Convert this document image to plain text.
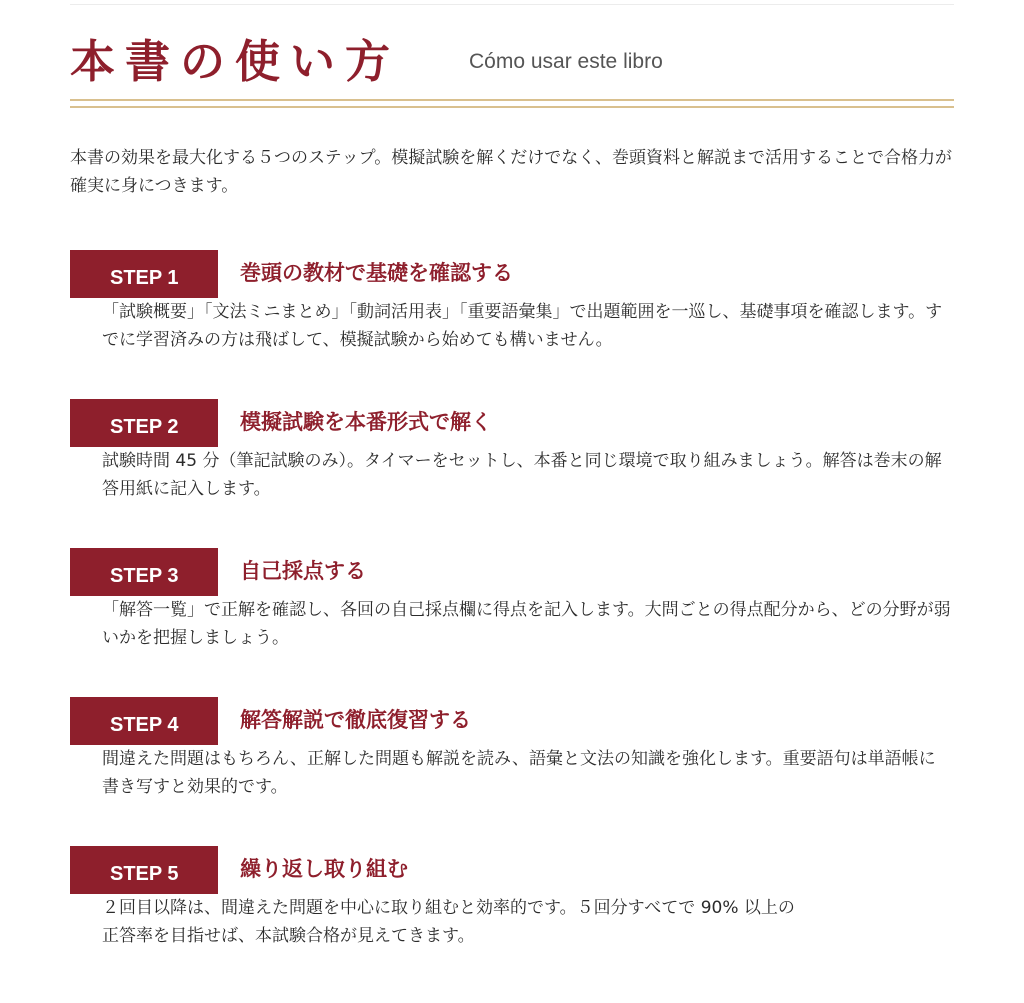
本書の使い方	Cómo usar este libro
本書の効果を最大化する５つのステップ。模擬試験を解くだけでなく、巻頭資料と解説まで活用することで合格力が確実に身につきます。
STEP 1	巻頭の教材で基礎を確認する
「試験概要」「文法ミニまとめ」「動詞活用表」「重要語彙集」で出題範囲を一巡し、基礎事項を確認します。すでに学習済みの方は飛ばして、模擬試験から始めても構いません。
STEP 2	模擬試験を本番形式で解く
試験時間 45 分（筆記試験のみ）。タイマーをセットし、本番と同じ環境で取り組みましょう。解答は巻末の解答用紙に記入します。
STEP 3	自己採点する
「解答一覧」で正解を確認し、各回の自己採点欄に得点を記入します。大問ごとの得点配分から、どの分野が弱いかを把握しましょう。
STEP 4	解答解説で徹底復習する
間違えた問題はもちろん、正解した問題も解説を読み、語彙と文法の知識を強化します。重要語句は単語帳に書き写すと効果的です。
STEP 5	繰り返し取り組む
２回目以降は、間違えた問題を中心に取り組むと効率的です。５回分すべてで 90% 以上の正答率を目指せば、本試験合格が見えてきます。
